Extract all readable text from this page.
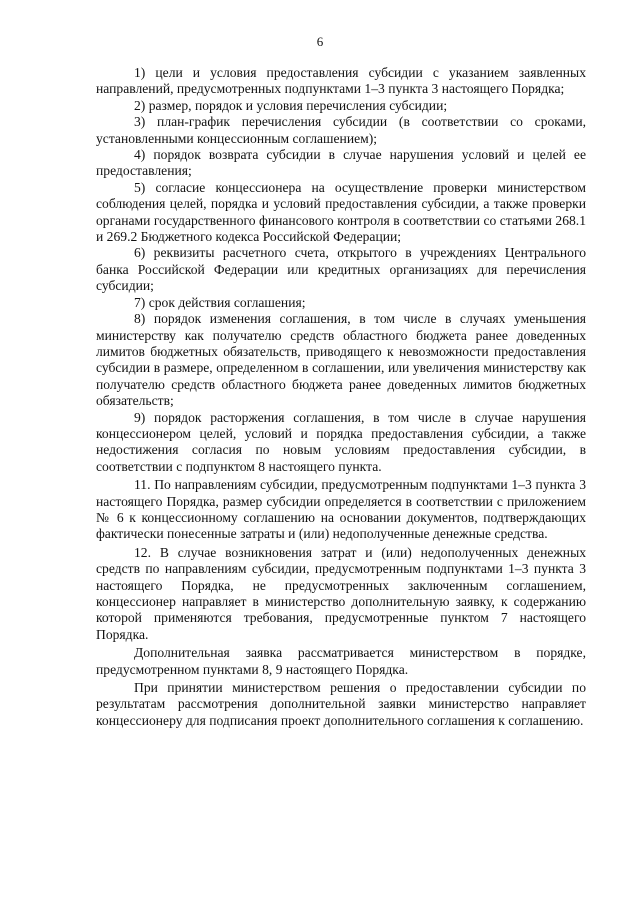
6

1) цели и условия предоставления субсидии с указанием заявленных направлений, предусмотренных подпунктами 1–3 пункта 3 настоящего Порядка;

2) размер, порядок и условия перечисления субсидии;

3) план-график перечисления субсидии (в соответствии со сроками, установленными концессионным соглашением);

4) порядок возврата субсидии в случае нарушения условий и целей ее предоставления;

5) согласие концессионера на осуществление проверки министерством соблюдения целей, порядка и условий предоставления субсидии, а также проверки органами государственного финансового контроля в соответствии со статьями 268.1 и 269.2 Бюджетного кодекса Российской Федерации;

6) реквизиты расчетного счета, открытого в учреждениях Центрального банка Российской Федерации или кредитных организациях для перечисления субсидии;

7) срок действия соглашения;

8) порядок изменения соглашения, в том числе в случаях уменьшения министерству как получателю средств областного бюджета ранее доведенных лимитов бюджетных обязательств, приводящего к невозможности предоставления субсидии в размере, определенном в соглашении, или увеличения министерству как получателю средств областного бюджета ранее доведенных лимитов бюджетных обязательств;

9) порядок расторжения соглашения, в том числе в случае нарушения концессионером целей, условий и порядка предоставления субсидии, а также недостижения согласия по новым условиям предоставления субсидии, в соответствии с подпунктом 8 настоящего пункта.

11. По направлениям субсидии, предусмотренным подпунктами 1–3 пункта 3 настоящего Порядка, размер субсидии определяется в соответствии с приложением № 6 к концессионному соглашению на основании документов, подтверждающих фактически понесенные затраты и (или) недополученные денежные средства.

12. В случае возникновения затрат и (или) недополученных денежных средств по направлениям субсидии, предусмотренным подпунктами 1–3 пункта 3 настоящего Порядка, не предусмотренных заключенным соглашением, концессионер направляет в министерство дополнительную заявку, к содержанию которой применяются требования, предусмотренные пунктом 7 настоящего Порядка.

Дополнительная заявка рассматривается министерством в порядке, предусмотренном пунктами 8, 9 настоящего Порядка.

При принятии министерством решения о предоставлении субсидии по результатам рассмотрения дополнительной заявки министерство направляет концессионеру для подписания проект дополнительного соглашения к соглашению.
